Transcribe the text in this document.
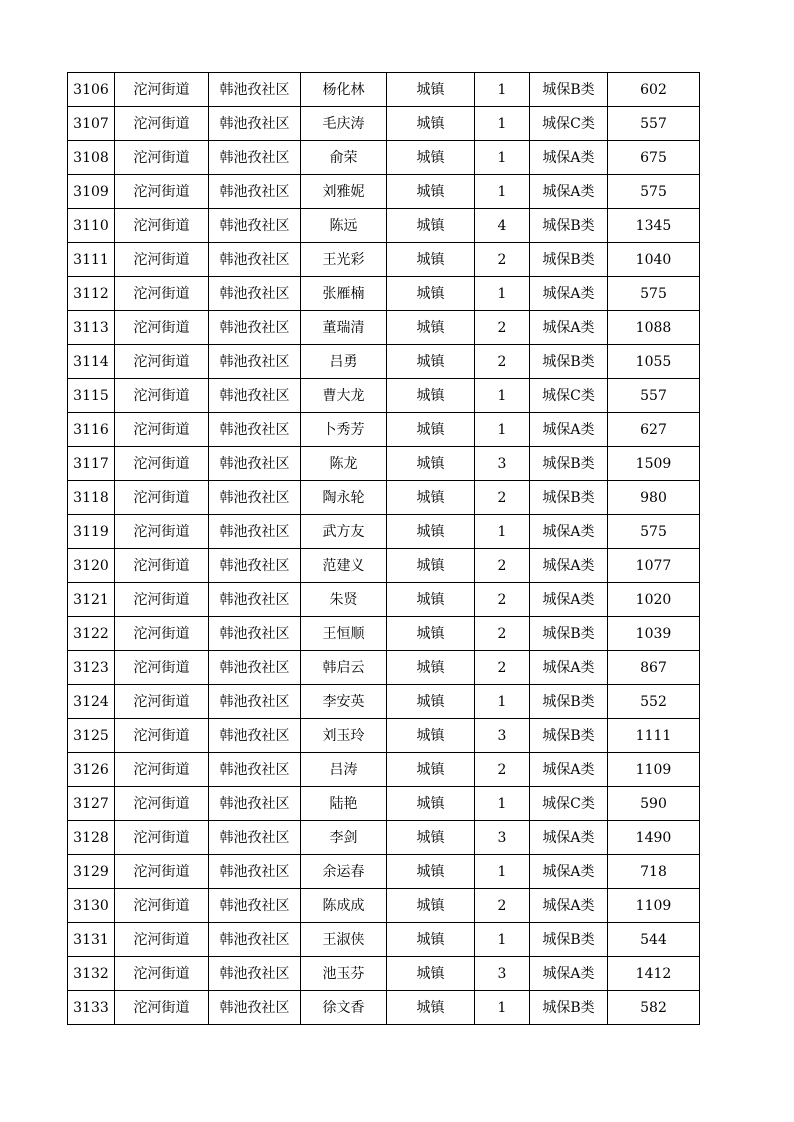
3106	沱河街道	韩池孜社区	杨化林	城镇	1	城保B类	602
3107	沱河街道	韩池孜社区	毛庆涛	城镇	1	城保C类	557
3108	沱河街道	韩池孜社区	俞荣	城镇	1	城保A类	675
3109	沱河街道	韩池孜社区	刘雅妮	城镇	1	城保A类	575
3110	沱河街道	韩池孜社区	陈远	城镇	4	城保B类	1345
3111	沱河街道	韩池孜社区	王光彩	城镇	2	城保B类	1040
3112	沱河街道	韩池孜社区	张雁楠	城镇	1	城保A类	575
3113	沱河街道	韩池孜社区	董瑞清	城镇	2	城保A类	1088
3114	沱河街道	韩池孜社区	吕勇	城镇	2	城保B类	1055
3115	沱河街道	韩池孜社区	曹大龙	城镇	1	城保C类	557
3116	沱河街道	韩池孜社区	卜秀芳	城镇	1	城保A类	627
3117	沱河街道	韩池孜社区	陈龙	城镇	3	城保B类	1509
3118	沱河街道	韩池孜社区	陶永轮	城镇	2	城保B类	980
3119	沱河街道	韩池孜社区	武方友	城镇	1	城保A类	575
3120	沱河街道	韩池孜社区	范建义	城镇	2	城保A类	1077
3121	沱河街道	韩池孜社区	朱贤	城镇	2	城保A类	1020
3122	沱河街道	韩池孜社区	王恒顺	城镇	2	城保B类	1039
3123	沱河街道	韩池孜社区	韩启云	城镇	2	城保A类	867
3124	沱河街道	韩池孜社区	李安英	城镇	1	城保B类	552
3125	沱河街道	韩池孜社区	刘玉玲	城镇	3	城保B类	1111
3126	沱河街道	韩池孜社区	吕涛	城镇	2	城保A类	1109
3127	沱河街道	韩池孜社区	陆艳	城镇	1	城保C类	590
3128	沱河街道	韩池孜社区	李剑	城镇	3	城保A类	1490
3129	沱河街道	韩池孜社区	余运春	城镇	1	城保A类	718
3130	沱河街道	韩池孜社区	陈成成	城镇	2	城保A类	1109
3131	沱河街道	韩池孜社区	王淑侠	城镇	1	城保B类	544
3132	沱河街道	韩池孜社区	池玉芬	城镇	3	城保A类	1412
3133	沱河街道	韩池孜社区	徐文香	城镇	1	城保B类	582
